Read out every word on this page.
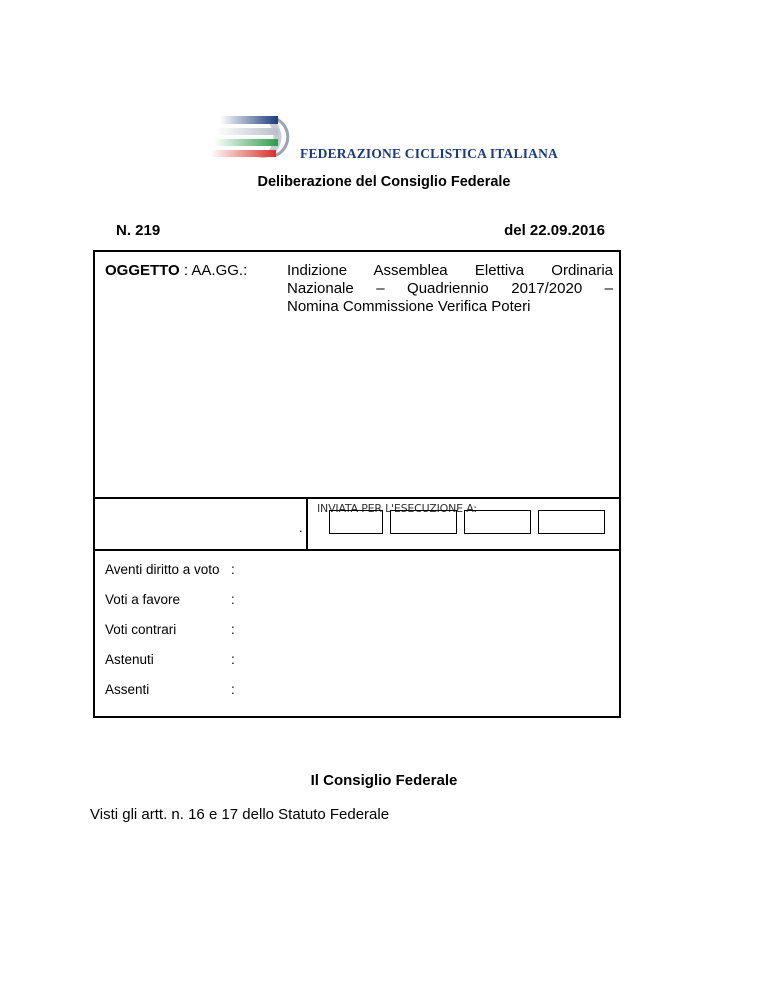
FEDERAZIONE CICLISTICA ITALIANA
Deliberazione del Consiglio Federale
N. 219	del 22.09.2016
OGGETTO : AA.GG.:	Indizione Assemblea Elettiva Ordinaria
Nazionale – Quadriennio 2017/2020 –
Nomina Commissione Verifica Poteri
.
INVIATA PER L'ESECUZIONE A:
Aventi diritto a voto :
Voti a favore	:
Voti contrari	:
Astenuti	:
Assenti	:
Il Consiglio Federale
Visti gli artt. n. 16 e 17 dello Statuto Federale
